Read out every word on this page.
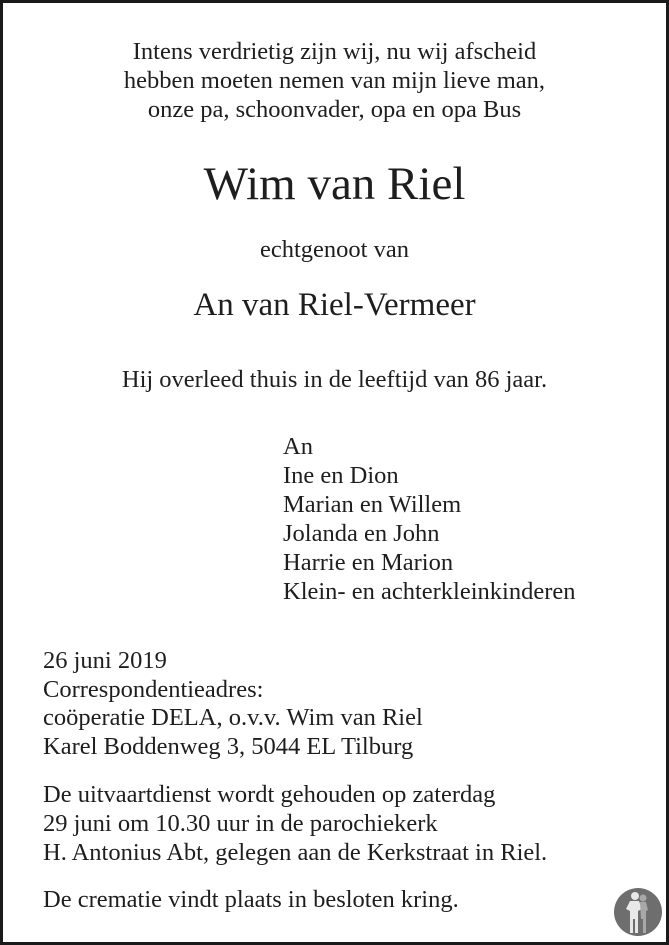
Intens verdrietig zijn wij, nu wij afscheid
hebben moeten nemen van mijn lieve man,
onze pa, schoonvader, opa en opa Bus
Wim van Riel
echtgenoot van
An van Riel-Vermeer
Hij overleed thuis in de leeftijd van 86 jaar.
An
Ine en Dion
Marian en Willem
Jolanda en John
Harrie en Marion
Klein- en achterkleinkinderen
26 juni 2019
Correspondentieadres:
coöperatie DELA, o.v.v. Wim van Riel
Karel Boddenweg 3, 5044 EL Tilburg
De uitvaartdienst wordt gehouden op zaterdag
29 juni om 10.30 uur in de parochiekerk
H. Antonius Abt, gelegen aan de Kerkstraat in Riel.
De crematie vindt plaats in besloten kring.
